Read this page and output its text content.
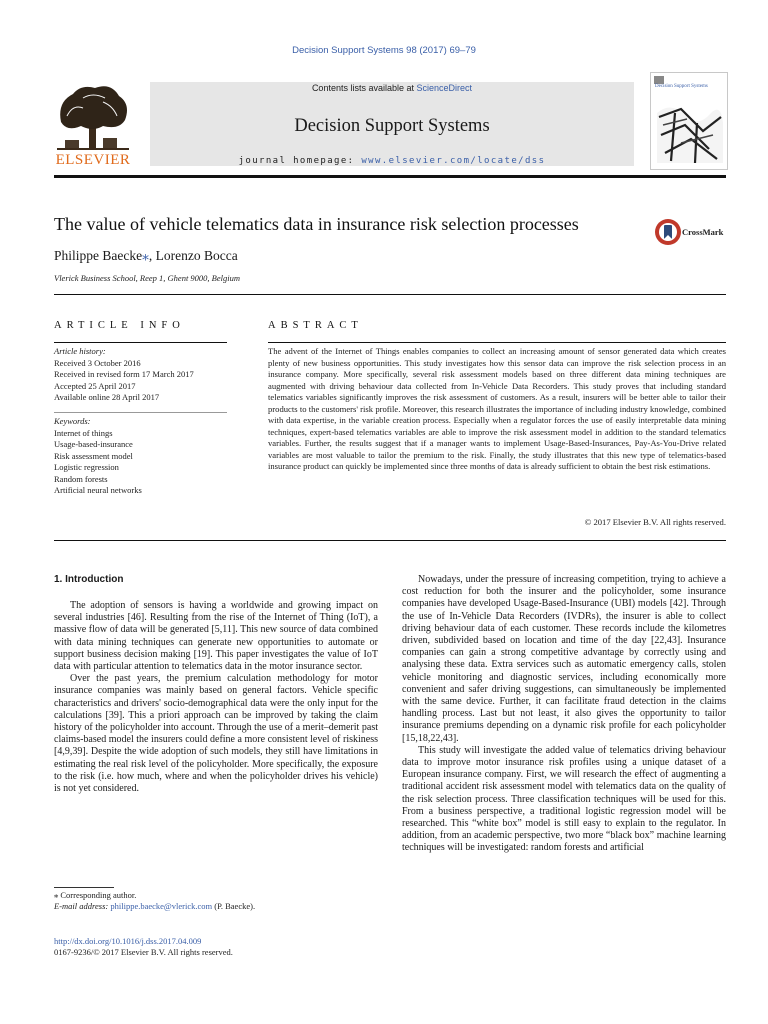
Decision Support Systems 98 (2017) 69–79
ELSEVIER
Contents lists available at ScienceDirect
Decision Support Systems
journal homepage: www.elsevier.com/locate/dss
Decision Support Systems
The value of vehicle telematics data in insurance risk selection processes	CrossMark
Philippe Baecke⁎, Lorenzo Bocca
Vlerick Business School, Reep 1, Ghent 9000, Belgium
ARTICLE INFO	ABSTRACT
Article history:
Received 3 October 2016
Received in revised form 17 March 2017
Accepted 25 April 2017
Available online 28 April 2017
Keywords:
Internet of things
Usage-based-insurance
Risk assessment model
Logistic regression
Random forests
Artificial neural networks
The advent of the Internet of Things enables companies to collect an increasing amount of sensor generated data which creates plenty of new business opportunities. This study investigates how this sensor data can improve the risk selection process in an insurance company. More specifically, several risk assessment models based on three different data mining techniques are augmented with driving behaviour data collected from In-Vehicle Data Recorders. This study proves that including standard telematics variables significantly improves the risk assessment of customers. As a result, insurers will be better able to tailor their products to the customers' risk profile. Moreover, this research illustrates the importance of including industry knowledge, combined with data expertise, in the variable creation process. Especially when a regulator forces the use of easily interpretable data mining techniques, expert-based telematics variables are able to improve the risk assessment model in addition to the standard telematics variables. Further, the results suggest that if a manager wants to implement Usage-Based-Insurances, Pay-As-You-Drive related variables are most valuable to tailor the premium to the risk. Finally, the study illustrates that this new type of telematics-based insurance product can quickly be implemented since three months of data is already sufficient to obtain the best risk estimations.
© 2017 Elsevier B.V. All rights reserved.
1. Introduction

The adoption of sensors is having a worldwide and growing impact on several industries [46]. Resulting from the rise of the Internet of Thing (IoT), a massive flow of data will be generated [5,11]. This new source of data combined with data mining techniques can generate new opportunities to automate or support business decision making [19]. This paper investigates the value of IoT data with particular attention to telematics data in the motor insurance sector.

Over the past years, the premium calculation methodology for motor insurance companies was mainly based on general factors. Vehicle specific characteristics and drivers' socio-demographical data were the only input for the calculations [39]. This a priori approach can be improved by taking the claim history of the policyholder into account. Through the use of a merit–demerit past claims-based model the insurers could define a more consistent level of riskiness [4,9,39]. Despite the wide adoption of such models, they still have limitations in estimating the real risk level of the policyholder. More specifically, the exposure to the risk (i.e. how much, where and when the policyholder drives his vehicle) is not yet considered.

Nowadays, under the pressure of increasing competition, trying to achieve a cost reduction for both the insurer and the policyholder, some insurance companies have developed Usage-Based-Insurance (UBI) models [42]. Through the use of In-Vehicle Data Recorders (IVDRs), the insurer is able to collect driving behaviour data of each customer. These records include the kilometres driven, subdivided based on location and time of the day [22,43]. Insurance companies can gain a strong competitive advantage by correctly using and analysing these data. Extra services such as automatic emergency calls, stolen vehicle monitoring and diagnostic services, including economically more convenient and safer driving suggestions, can simultaneously be implemented with the same device. Further, it can facilitate fraud detection in the claims handling process. Last but not least, it also gives the opportunity to tailor insurance premiums depending on a dynamic risk profile for each policyholder [15,18,22,43].

This study will investigate the added value of telematics driving behaviour data to improve motor insurance risk profiles using a unique dataset of a European insurance company. First, we will research the effect of augmenting a traditional accident risk assessment model with telematics data on the quality of the risk selection process. Three classification techniques will be used for this. From a business perspective, a traditional logistic regression model will be researched. This “white box” model is still easy to explain to the regulator. In addition, from an academic perspective, two more “black box” machine learning techniques will be investigated: random forests and artificial

⁎ Corresponding author.
E-mail address: philippe.baecke@vlerick.com (P. Baecke).
http://dx.doi.org/10.1016/j.dss.2017.04.009
0167-9236/© 2017 Elsevier B.V. All rights reserved.
